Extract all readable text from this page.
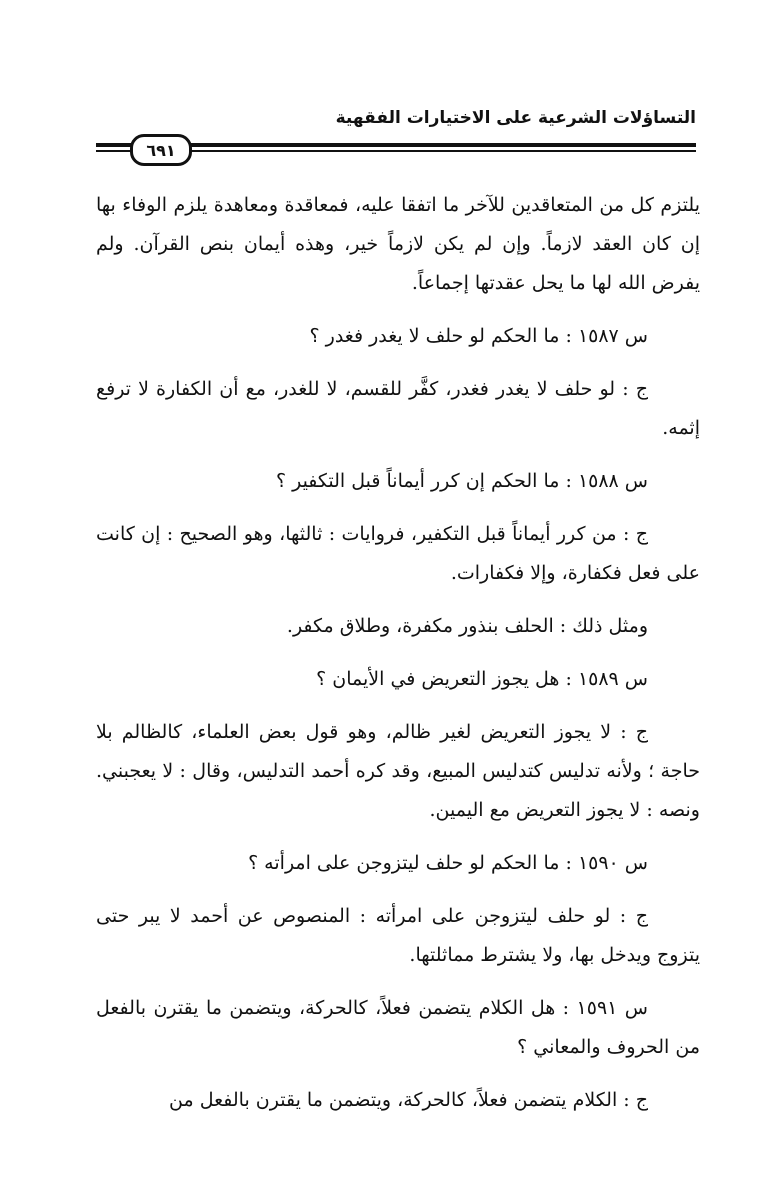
التساؤلات الشرعية على الاختيارات الفقهية
٦٩١

يلتزم كل من المتعاقدين للآخر ما اتفقا عليه، فمعاقدة ومعاهدة يلزم الوفاء بها إن كان العقد لازماً. وإن لم يكن لازماً خير، وهذه أيمان بنص القرآن. ولم يفرض الله لها ما يحل عقدتها إجماعاً.

س ١٥٨٧ : ما الحكم لو حلف لا يغدر فغدر ؟

ج : لو حلف لا يغدر فغدر، كفَّر للقسم، لا للغدر، مع أن الكفارة لا ترفع إثمه.

س ١٥٨٨ : ما الحكم إن كرر أيماناً قبل التكفير ؟

ج : من كرر أيماناً قبل التكفير، فروايات : ثالثها، وهو الصحيح : إن كانت على فعل فكفارة، وإلا فكفارات.

ومثل ذلك : الحلف بنذور مكفرة، وطلاق مكفر.

س ١٥٨٩ : هل يجوز التعريض في الأيمان ؟

ج : لا يجوز التعريض لغير ظالم، وهو قول بعض العلماء، كالظالم بلا حاجة ؛ ولأنه تدليس كتدليس المبيع، وقد كره أحمد التدليس، وقال : لا يعجبني. ونصه : لا يجوز التعريض مع اليمين.

س ١٥٩٠ : ما الحكم لو حلف ليتزوجن على امرأته ؟

ج : لو حلف ليتزوجن على امرأته : المنصوص عن أحمد لا يبر حتى يتزوج ويدخل بها، ولا يشترط مماثلتها.

س ١٥٩١ : هل الكلام يتضمن فعلاً، كالحركة، ويتضمن ما يقترن بالفعل من الحروف والمعاني ؟

ج : الكلام يتضمن فعلاً، كالحركة، ويتضمن ما يقترن بالفعل من
